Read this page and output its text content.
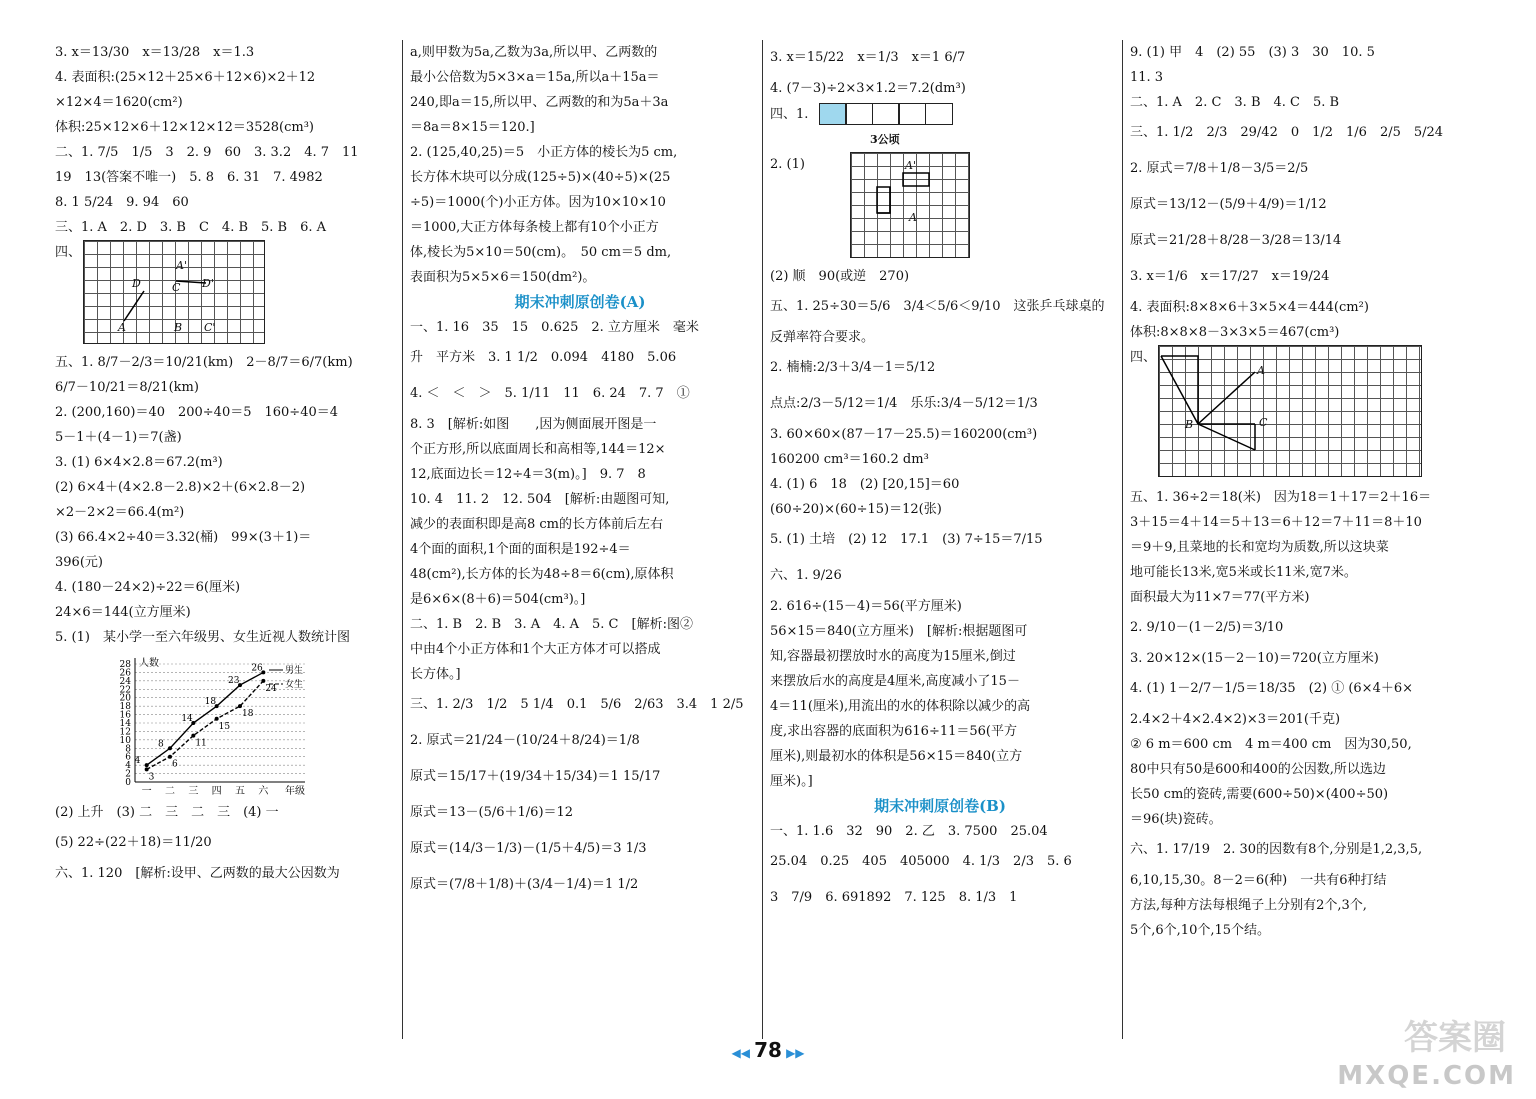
3. x＝13/30　x＝13/28　x＝1.3
4. 表面积:(25×12＋25×6＋12×6)×2＋12
×12×4＝1620(cm²)
体积:25×12×6＋12×12×12＝3528(cm³)
二、1. 7/5　1/5　3　2. 9　60　3. 3.2　4. 7　11
19　13(答案不唯一)　5. 8　6. 31　7. 4982
8. 1 5/24　9. 94　60
三、1. A　2. D　3. B　C　4. B　5. B　6. A
四、
A'
D	C D'
A	B C'
五、1. 8/7－2/3＝10/21(km)　2－8/7＝6/7(km)
6/7－10/21＝8/21(km)
2. (200,160)＝40　200÷40＝5　160÷40＝4
5－1＋(4－1)＝7(盏)
3. (1) 6×4×2.8＝67.2(m³)
(2) 6×4＋(4×2.8－2.8)×2＋(6×2.8－2)
×2－2×2＝66.4(m²)
(3) 66.4×2÷40＝3.32(桶)　99×(3＋1)＝
396(元)
4. (180－24×2)÷22＝6(厘米)
24×6＝144(立方厘米)
5. (1)　某小学一至六年级男、女生近视人数统计图
0
2
4
6
8
10
12
14
16
18
20
22
24
26
28 人数
年级
一 二 三 四 五 六
4
8
14
18
23
26 男生
3
6
11
15
18
24 女生
(2) 上升　(3) 二　三　二　三　(4) 一
(5) 22÷(22＋18)＝11/20
六、1. 120　[解析:设甲、乙两数的最大公因数为
a,则甲数为5a,乙数为3a,所以甲、乙两数的
最小公倍数为5×3×a＝15a,所以a＋15a＝
240,即a＝15,所以甲、乙两数的和为5a＋3a
＝8a＝8×15＝120.]
2. (125,40,25)＝5　小正方体的棱长为5 cm,
长方体木块可以分成(125÷5)×(40÷5)×(25
÷5)＝1000(个)小正方体。因为10×10×10
＝1000,大正方体每条棱上都有10个小正方
体,棱长为5×10＝50(cm)。　50 cm＝5 dm,
表面积为5×5×6＝150(dm²)。
期末冲刺原创卷(A)
一、1. 16　35　15　0.625　2. 立方厘米　毫米
升　平方米　3. 1 1/2　0.094　4180　5.06
4. ＜　＜　＞　5. 1/11　11　6. 24　7. 7　①
8. 3　[解析:如图　　,因为侧面展开图是一
个正方形,所以底面周长和高相等,144＝12×
12,底面边长＝12÷4＝3(m)。]　9. 7　8
10. 4　11. 2　12. 504　[解析:由题图可知,
减少的表面积即是高8 cm的长方体前后左右
4个面的面积,1个面的面积是192÷4＝
48(cm²),长方体的长为48÷8＝6(cm),原体积
是6×6×(8＋6)＝504(cm³)。]
二、1. B　2. B　3. A　4. A　5. C　[解析:图②
中由4个小正方体和1个大正方体才可以搭成
长方体。]
三、1. 2/3　1/2　5 1/4　0.1　5/6　2/63　3.4　1 2/5
2. 原式＝21/24－(10/24＋8/24)＝1/8
原式＝15/17＋(19/34＋15/34)＝1 15/17
原式＝13－(5/6＋1/6)＝12
原式＝(14/3－1/3)－(1/5＋4/5)＝3 1/3
原式＝(7/8＋1/8)＋(3/4－1/4)＝1 1/2
3. x＝15/22　x＝1/3　x＝1 6/7
4. (7－3)÷2×3×1.2＝7.2(dm³)
四、1.
3公顷
2. (1)	A'
A
(2) 顺　90(或逆　270)
五、1. 25÷30＝5/6　3/4＜5/6＜9/10　这张乒乓球桌的
反弹率符合要求。
2. 楠楠:2/3＋3/4－1＝5/12
点点:2/3－5/12＝1/4　乐乐:3/4－5/12＝1/3
3. 60×60×(87－17－25.5)＝160200(cm³)
160200 cm³＝160.2 dm³
4. (1) 6　18　(2) [20,15]＝60
(60÷20)×(60÷15)＝12(张)
5. (1) 土培　(2) 12　17.1　(3) 7÷15＝7/15
六、1. 9/26
2. 616÷(15－4)＝56(平方厘米)
56×15＝840(立方厘米)　[解析:根据题图可
知,容器最初摆放时水的高度为15厘米,倒过
来摆放后水的高度是4厘米,高度减小了15－
4＝11(厘米),用流出的水的体积除以减少的高
度,求出容器的底面积为616÷11＝56(平方
厘米),则最初水的体积是56×15＝840(立方
厘米)。]
期末冲刺原创卷(B)
一、1. 1.6　32　90　2. 乙　3. 7500　25.04
25.04　0.25　405　405000　4. 1/3　2/3　5. 6
3　7/9　6. 691892　7. 125　8. 1/3　1
9. (1) 甲　4　(2) 55　(3) 3　30　10. 5
11. 3
二、1. A　2. C　3. B　4. C　5. B
三、1. 1/2　2/3　29/42　0　1/2　1/6　2/5　5/24
2. 原式＝7/8＋1/8－3/5＝2/5
原式＝13/12－(5/9＋4/9)＝1/12
原式＝21/28＋8/28－3/28＝13/14
3. x＝1/6　x＝17/27　x＝19/24
4. 表面积:8×8×6＋3×5×4＝444(cm²)
体积:8×8×8－3×3×5＝467(cm³)
四、
A
B	C
五、1. 36÷2＝18(米)　因为18＝1＋17＝2＋16＝
3＋15＝4＋14＝5＋13＝6＋12＝7＋11＝8＋10
＝9＋9,且菜地的长和宽均为质数,所以这块菜
地可能长13米,宽5米或长11米,宽7米。
面积最大为11×7＝77(平方米)
2. 9/10－(1－2/5)＝3/10
3. 20×12×(15－2－10)＝720(立方厘米)
4. (1) 1－2/7－1/5＝18/35　(2) ① (6×4＋6×
2.4×2＋4×2.4×2)×3＝201(千克)
② 6 m＝600 cm　4 m＝400 cm　因为30,50,
80中只有50是600和400的公因数,所以选边
长50 cm的瓷砖,需要(600÷50)×(400÷50)
＝96(块)瓷砖。
六、1. 17/19　2. 30的因数有8个,分别是1,2,3,5,
6,10,15,30。8－2＝6(种)　一共有6种打结
方法,每种方法每根绳子上分别有2个,3个,
5个,6个,10个,15个结。
◀◀ 78 ▶▶	答案圈
MXQE.COM
